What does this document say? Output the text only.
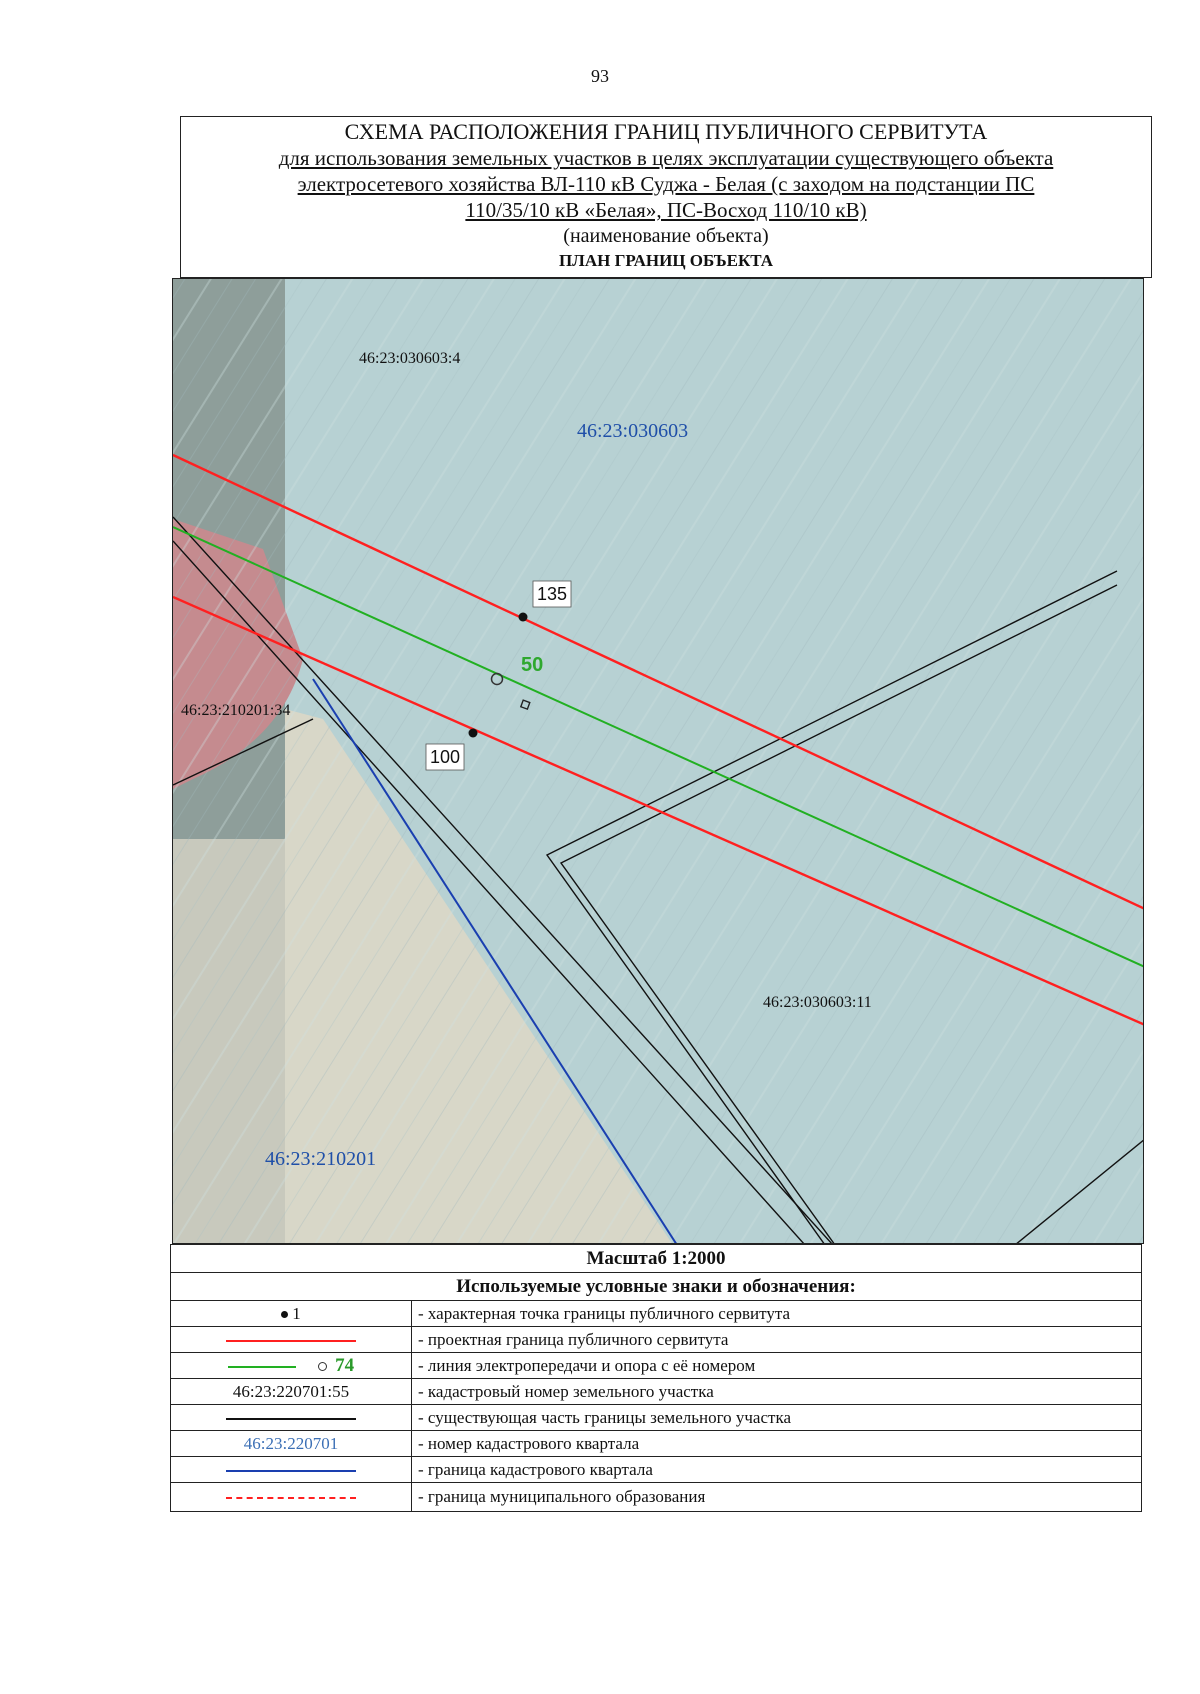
93
СХЕМА РАСПОЛОЖЕНИЯ ГРАНИЦ ПУБЛИЧНОГО СЕРВИТУТА
для использования земельных участков в целях эксплуатации существующего объекта
электросетевого хозяйства ВЛ-110 кВ Суджа - Белая (с заходом на подстанции ПС
110/35/10 кВ «Белая», ПС-Восход 110/10 кВ)
(наименование объекта)
ПЛАН ГРАНИЦ ОБЪЕКТА
135
100
50
46:23:030603:4
46:23:030603
46:23:210201:34
46:23:030603:11
46:23:210201
Масштаб 1:2000	
Используемые условные знаки и обозначения:	
1	- характерная точка границы публичного сервитута
	- проектная граница публичного сервитута
74	- линия электропередачи и опора с её номером
46:23:220701:55	- кадастровый номер земельного участка
	- существующая часть границы земельного участка
46:23:220701	- номер кадастрового квартала
	- граница кадастрового квартала
	- граница муниципального образования
